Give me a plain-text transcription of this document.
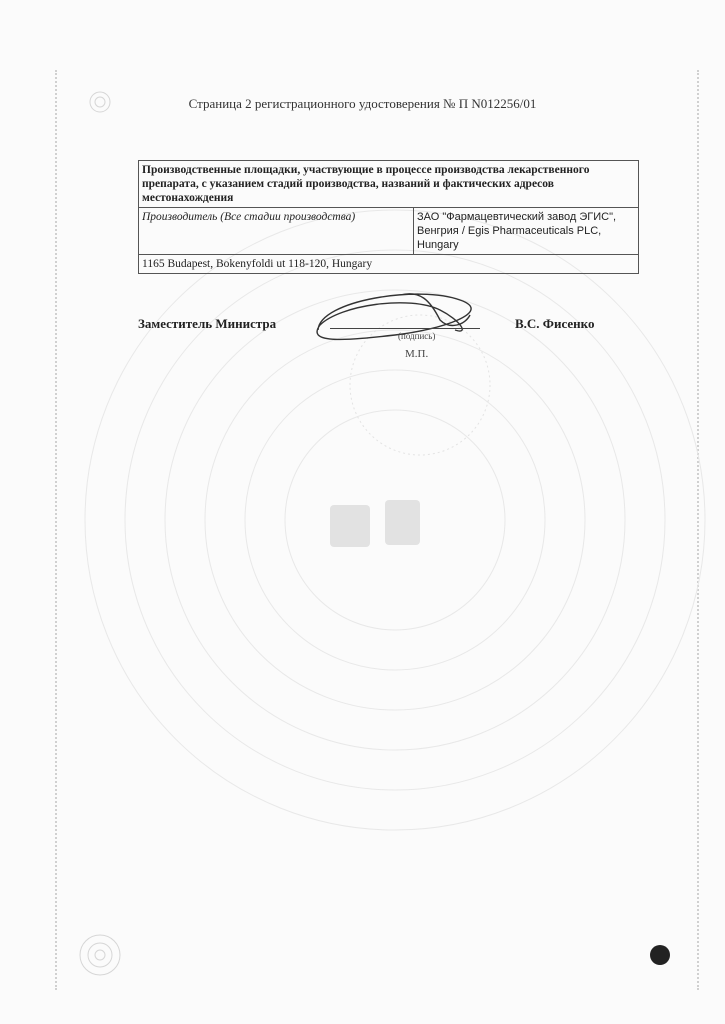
Страница 2 регистрационного удостоверения № П N012256/01
Производственные площадки, участвующие в процессе производства лекарственного препарата, с указанием стадий производства, названий и фактических адресов местонахождения
Производитель (Все стадии производства)	ЗАО "Фармацевтический завод ЭГИС", Венгрия / Egis Pharmaceuticals PLC, Hungary
1165 Budapest, Bokenyfoldi ut 118-120, Hungary
Заместитель Министра
(подпись)
М.П.
В.С. Фисенко
